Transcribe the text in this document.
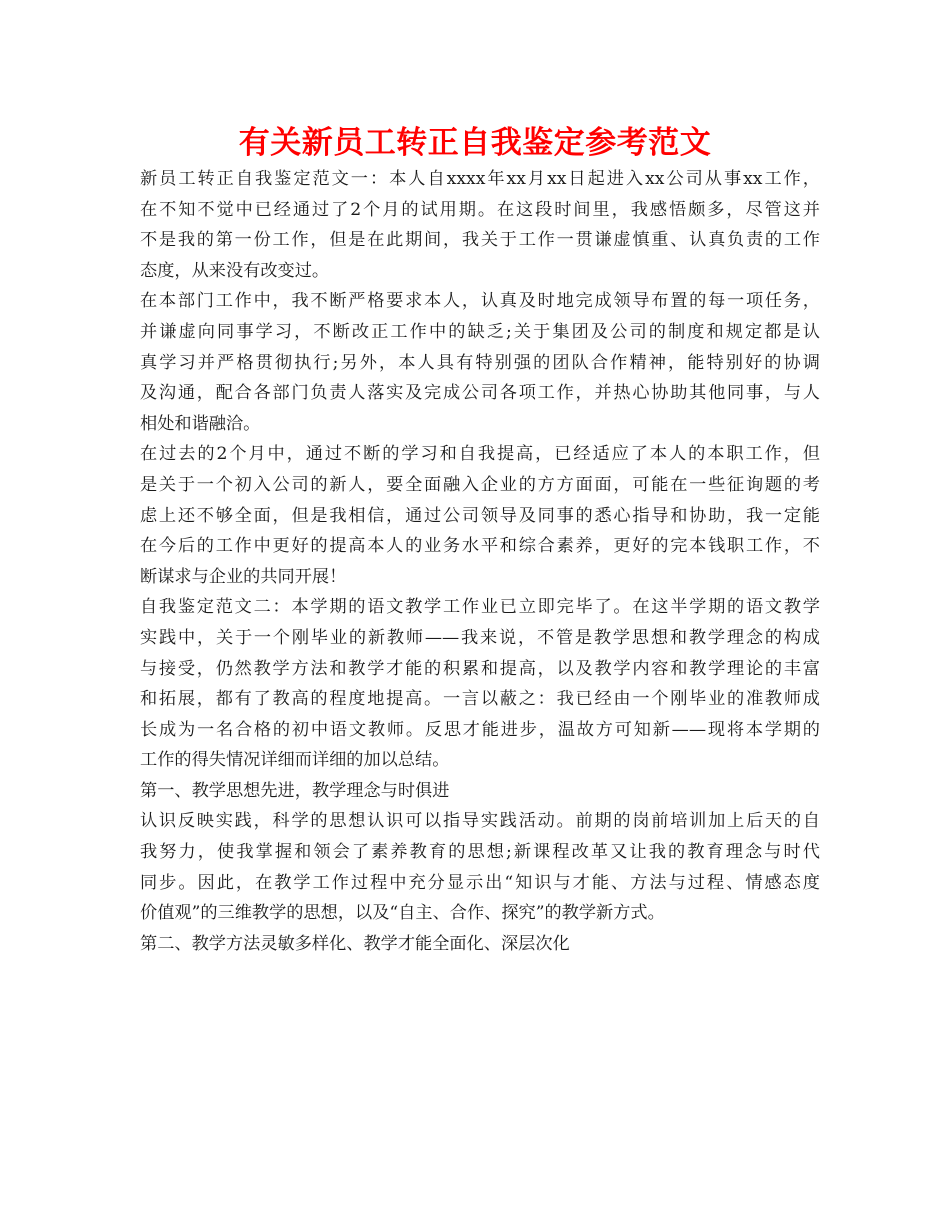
有关新员工转正自我鉴定参考范文
新员工转正自我鉴定范文一：本人自xxxx年xx月xx日起进入xx公司从事xx工作，
在不知不觉中已经通过了2个月的试用期。在这段时间里，我感悟颇多，尽管这并
不是我的第一份工作，但是在此期间，我关于工作一贯谦虚慎重、认真负责的工作
态度，从来没有改变过。
在本部门工作中，我不断严格要求本人，认真及时地完成领导布置的每一项任务，
并谦虚向同事学习，不断改正工作中的缺乏;关于集团及公司的制度和规定都是认
真学习并严格贯彻执行;另外，本人具有特别强的团队合作精神，能特别好的协调
及沟通，配合各部门负责人落实及完成公司各项工作，并热心协助其他同事，与人
相处和谐融洽。
在过去的2个月中，通过不断的学习和自我提高，已经适应了本人的本职工作，但
是关于一个初入公司的新人，要全面融入企业的方方面面，可能在一些征询题的考
虑上还不够全面，但是我相信，通过公司领导及同事的悉心指导和协助，我一定能
在今后的工作中更好的提高本人的业务水平和综合素养，更好的完本钱职工作，不
断谋求与企业的共同开展！
自我鉴定范文二：本学期的语文教学工作业已立即完毕了。在这半学期的语文教学
实践中，关于一个刚毕业的新教师——我来说，不管是教学思想和教学理念的构成
与接受，仍然教学方法和教学才能的积累和提高，以及教学内容和教学理论的丰富
和拓展，都有了教高的程度地提高。一言以蔽之：我已经由一个刚毕业的准教师成
长成为一名合格的初中语文教师。反思才能进步，温故方可知新——现将本学期的
工作的得失情况详细而详细的加以总结。
第一、教学思想先进，教学理念与时俱进
认识反映实践，科学的思想认识可以指导实践活动。前期的岗前培训加上后天的自
我努力，使我掌握和领会了素养教育的思想;新课程改革又让我的教育理念与时代
同步。因此，在教学工作过程中充分显示出“知识与才能、方法与过程、情感态度
价值观”的三维教学的思想，以及“自主、合作、探究”的教学新方式。
第二、教学方法灵敏多样化、教学才能全面化、深层次化
